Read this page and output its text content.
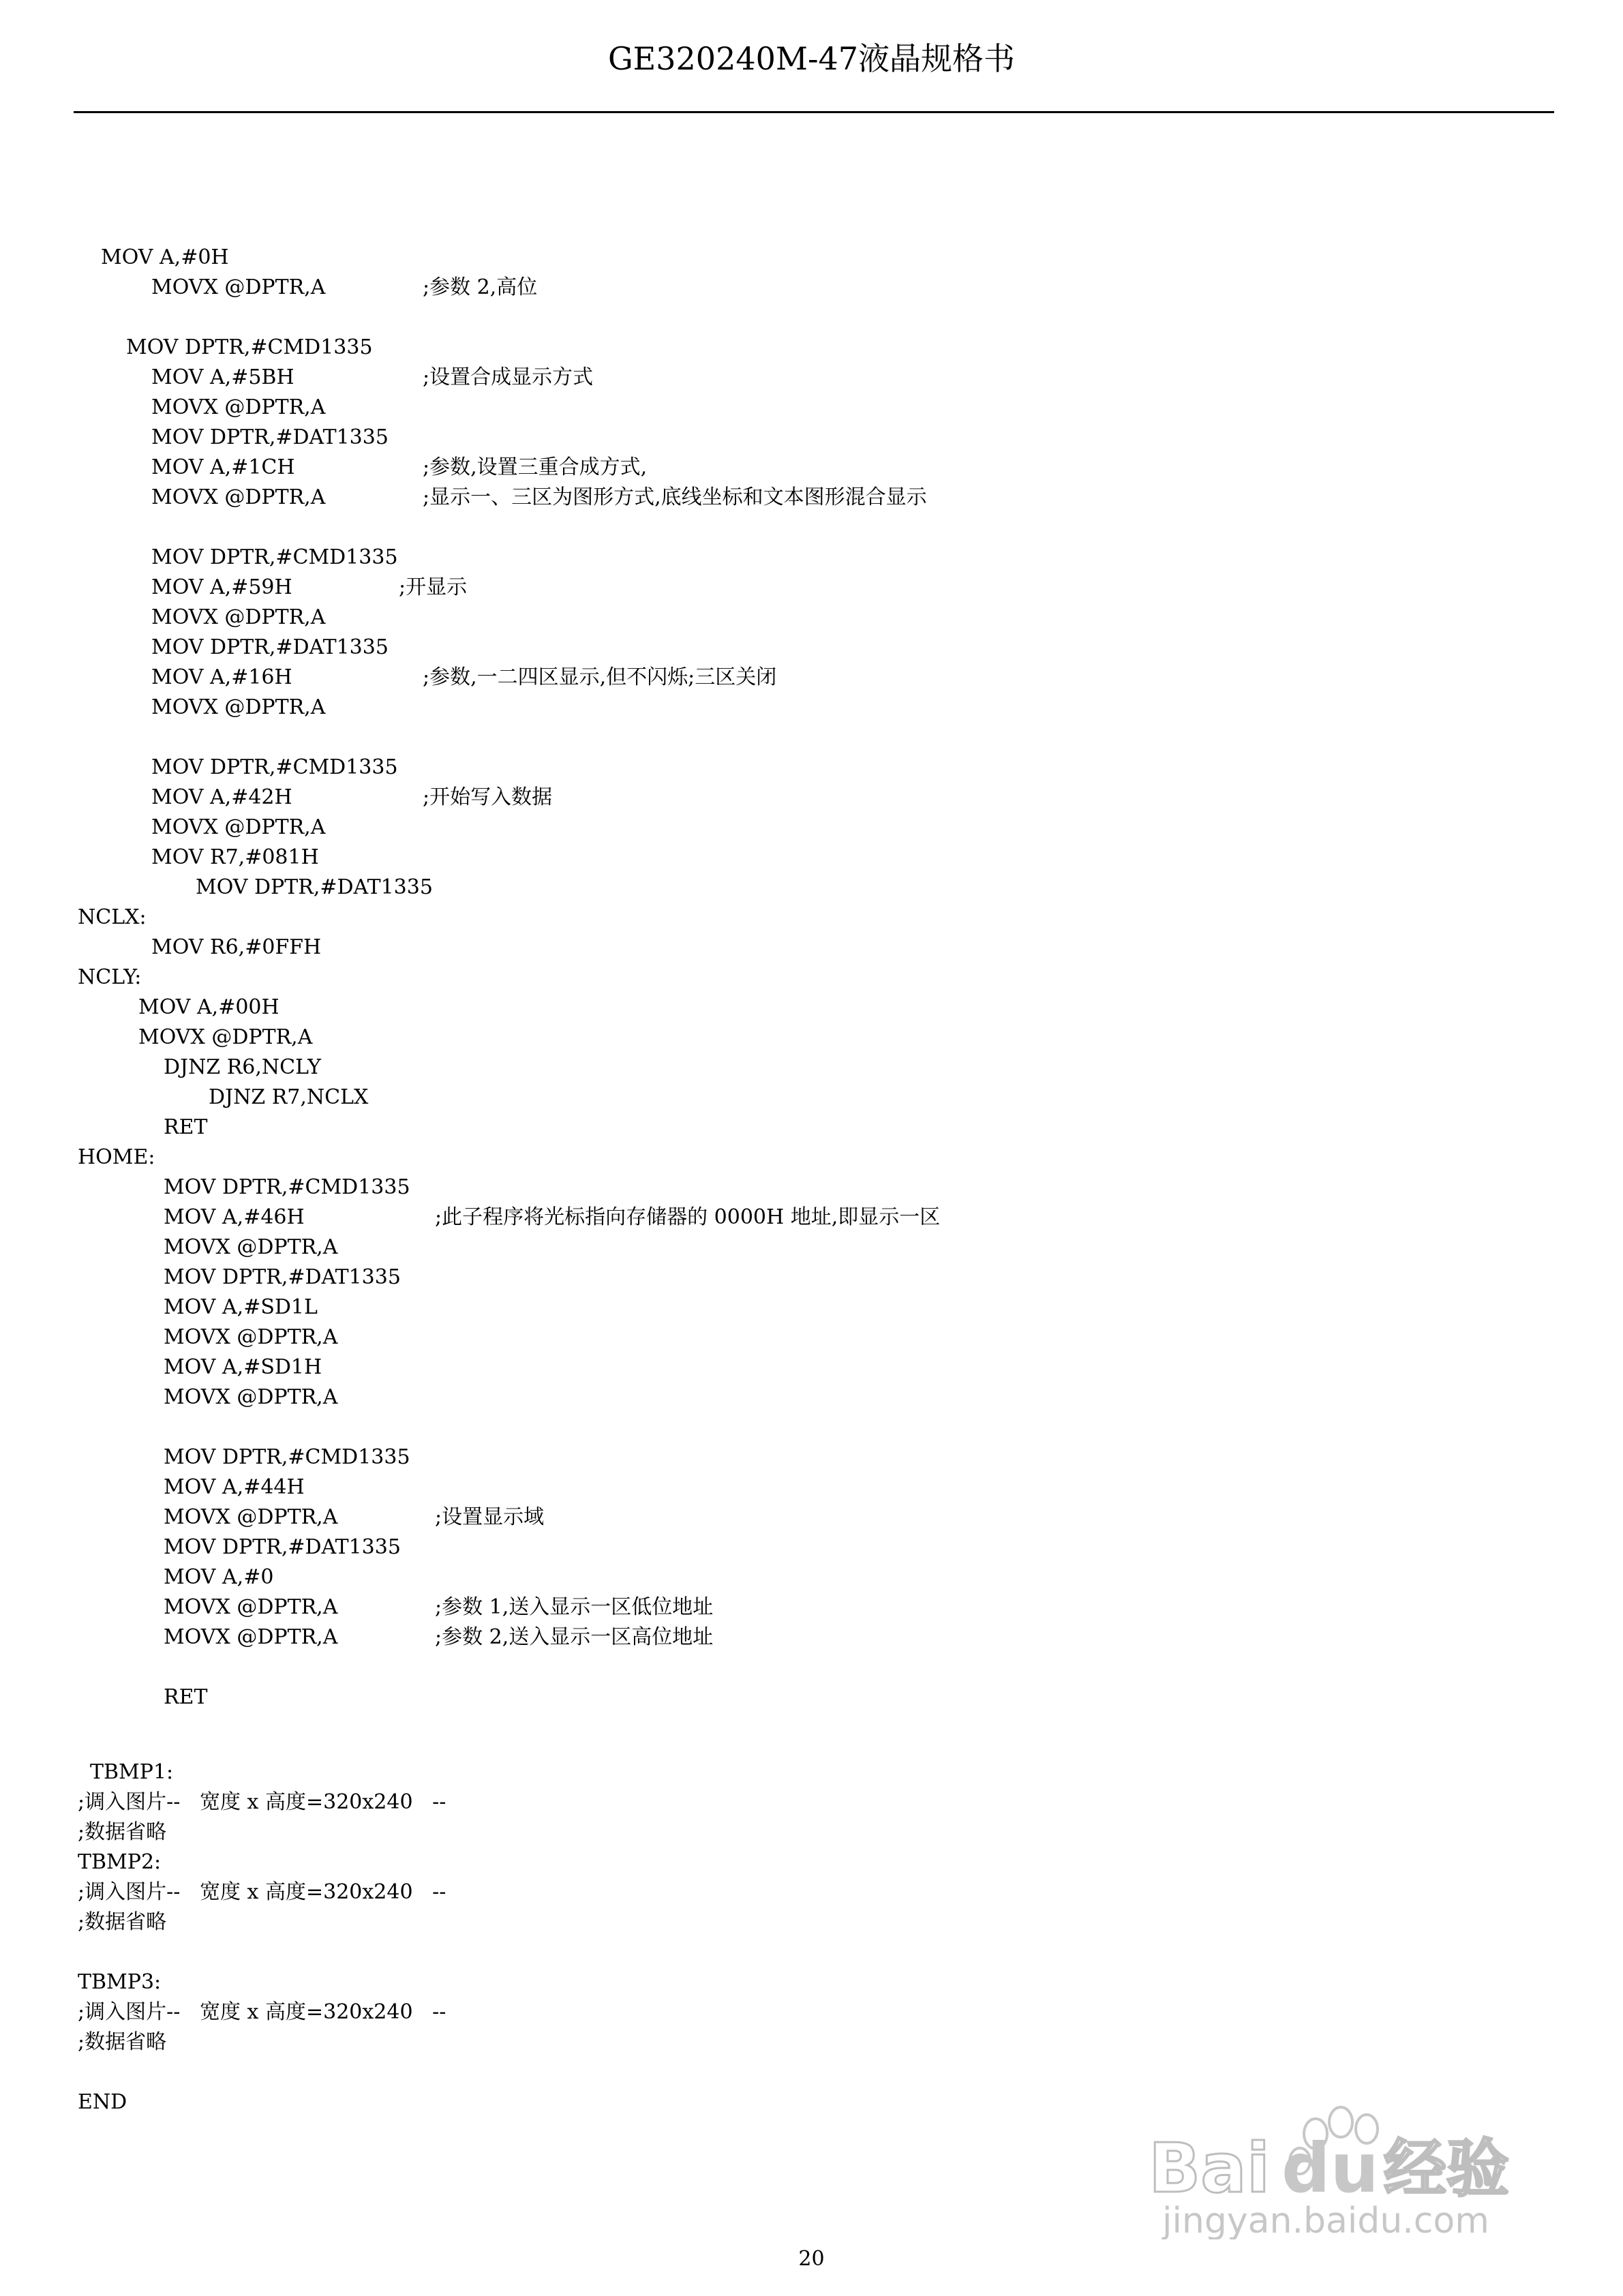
GE320240M-47液晶规格书
MOV A,#0H
MOVX @DPTR,A	;参数 2,高位
MOV DPTR,#CMD1335
MOV A,#5BH	;设置合成显示方式
MOVX @DPTR,A
MOV DPTR,#DAT1335
MOV A,#1CH	;参数,设置三重合成方式,
MOVX @DPTR,A	;显示一、三区为图形方式,底线坐标和文本图形混合显示
MOV DPTR,#CMD1335
MOV A,#59H	;开显示
MOVX @DPTR,A
MOV DPTR,#DAT1335
MOV A,#16H	;参数,一二四区显示,但不闪烁;三区关闭
MOVX @DPTR,A
MOV DPTR,#CMD1335
MOV A,#42H	;开始写入数据
MOVX @DPTR,A
MOV R7,#081H
MOV DPTR,#DAT1335
NCLX:
MOV R6,#0FFH
NCLY:
MOV A,#00H
MOVX @DPTR,A
DJNZ R6,NCLY
DJNZ R7,NCLX
RET
HOME:
MOV DPTR,#CMD1335
MOV A,#46H	;此子程序将光标指向存储器的 0000H 地址,即显示一区
MOVX @DPTR,A
MOV DPTR,#DAT1335
MOV A,#SD1L
MOVX @DPTR,A
MOV A,#SD1H
MOVX @DPTR,A
MOV DPTR,#CMD1335
MOV A,#44H
MOVX @DPTR,A	;设置显示域
MOV DPTR,#DAT1335
MOV A,#0
MOVX @DPTR,A	;参数 1,送入显示一区低位地址
MOVX @DPTR,A	;参数 2,送入显示一区高位地址
RET
TBMP1:
;调入图片--   宽度 x 高度=320x240   --
;数据省略
TBMP2:
;调入图片--   宽度 x 高度=320x240   --
;数据省略
TBMP3:
;调入图片--   宽度 x 高度=320x240   --
;数据省略
END
20
Bai du 经验
jingyan.baidu.com
